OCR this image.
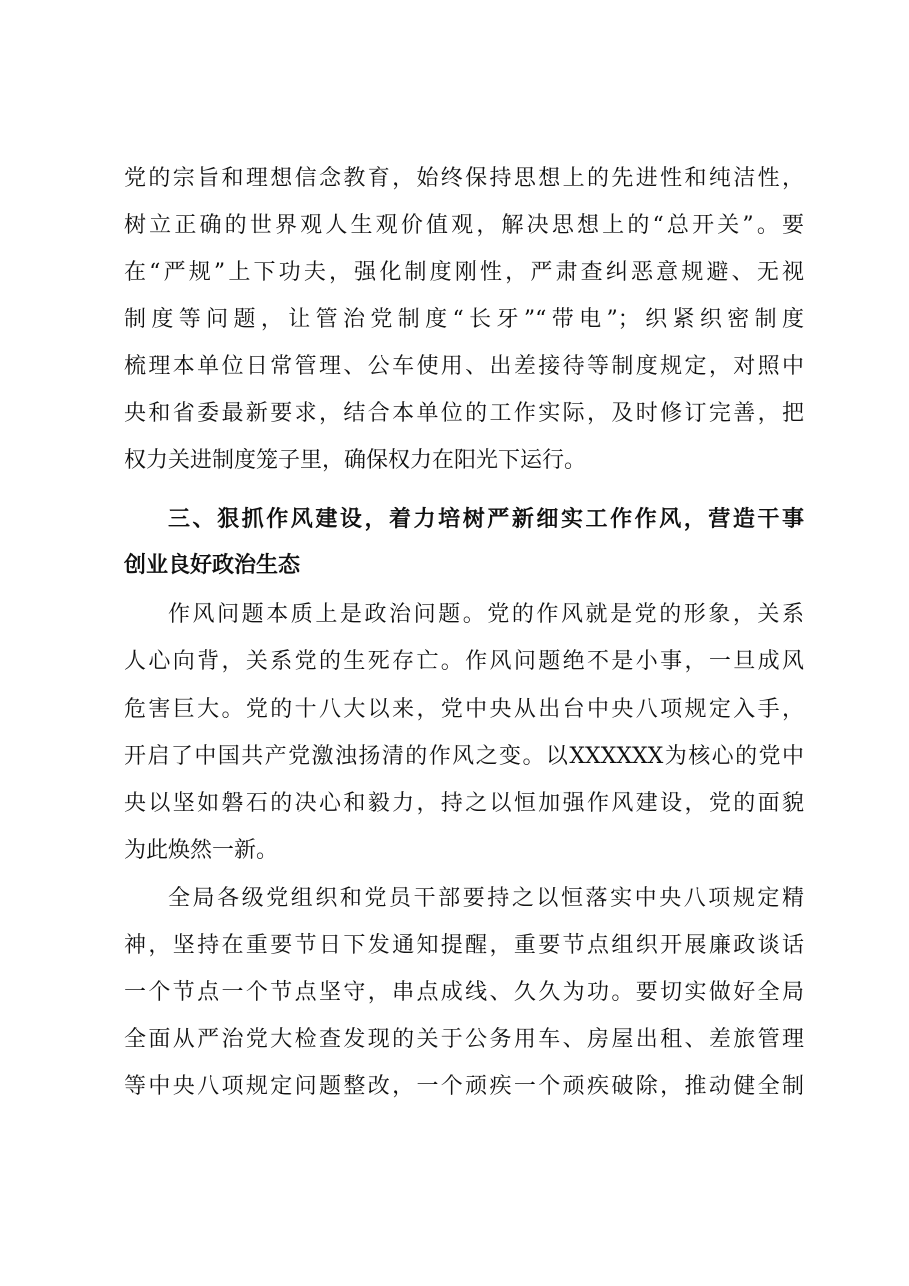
党的宗旨和理想信念教育，始终保持思想上的先进性和纯洁性，
树立正确的世界观人生观价值观，解决思想上的“总开关”。要
在“严规”上下功夫，强化制度刚性，严肃查纠恶意规避、无视
制度等问题，让管治党制度“长牙”“带电”；织紧织密制度
梳理本单位日常管理、公车使用、出差接待等制度规定，对照中
央和省委最新要求，结合本单位的工作实际，及时修订完善，把
权力关进制度笼子里，确保权力在阳光下运行。
三、狠抓作风建设，着力培树严新细实工作作风，营造干事
创业良好政治生态
作风问题本质上是政治问题。党的作风就是党的形象，关系
人心向背，关系党的生死存亡。作风问题绝不是小事，一旦成风
危害巨大。党的十八大以来，党中央从出台中央八项规定入手，
开启了中国共产党激浊扬清的作风之变。以XXXXXX为核心的党中
央以坚如磐石的决心和毅力，持之以恒加强作风建设，党的面貌
为此焕然一新。
全局各级党组织和党员干部要持之以恒落实中央八项规定精
神，坚持在重要节日下发通知提醒，重要节点组织开展廉政谈话
一个节点一个节点坚守，串点成线、久久为功。要切实做好全局
全面从严治党大检查发现的关于公务用车、房屋出租、差旅管理
等中央八项规定问题整改，一个顽疾一个顽疾破除，推动健全制
